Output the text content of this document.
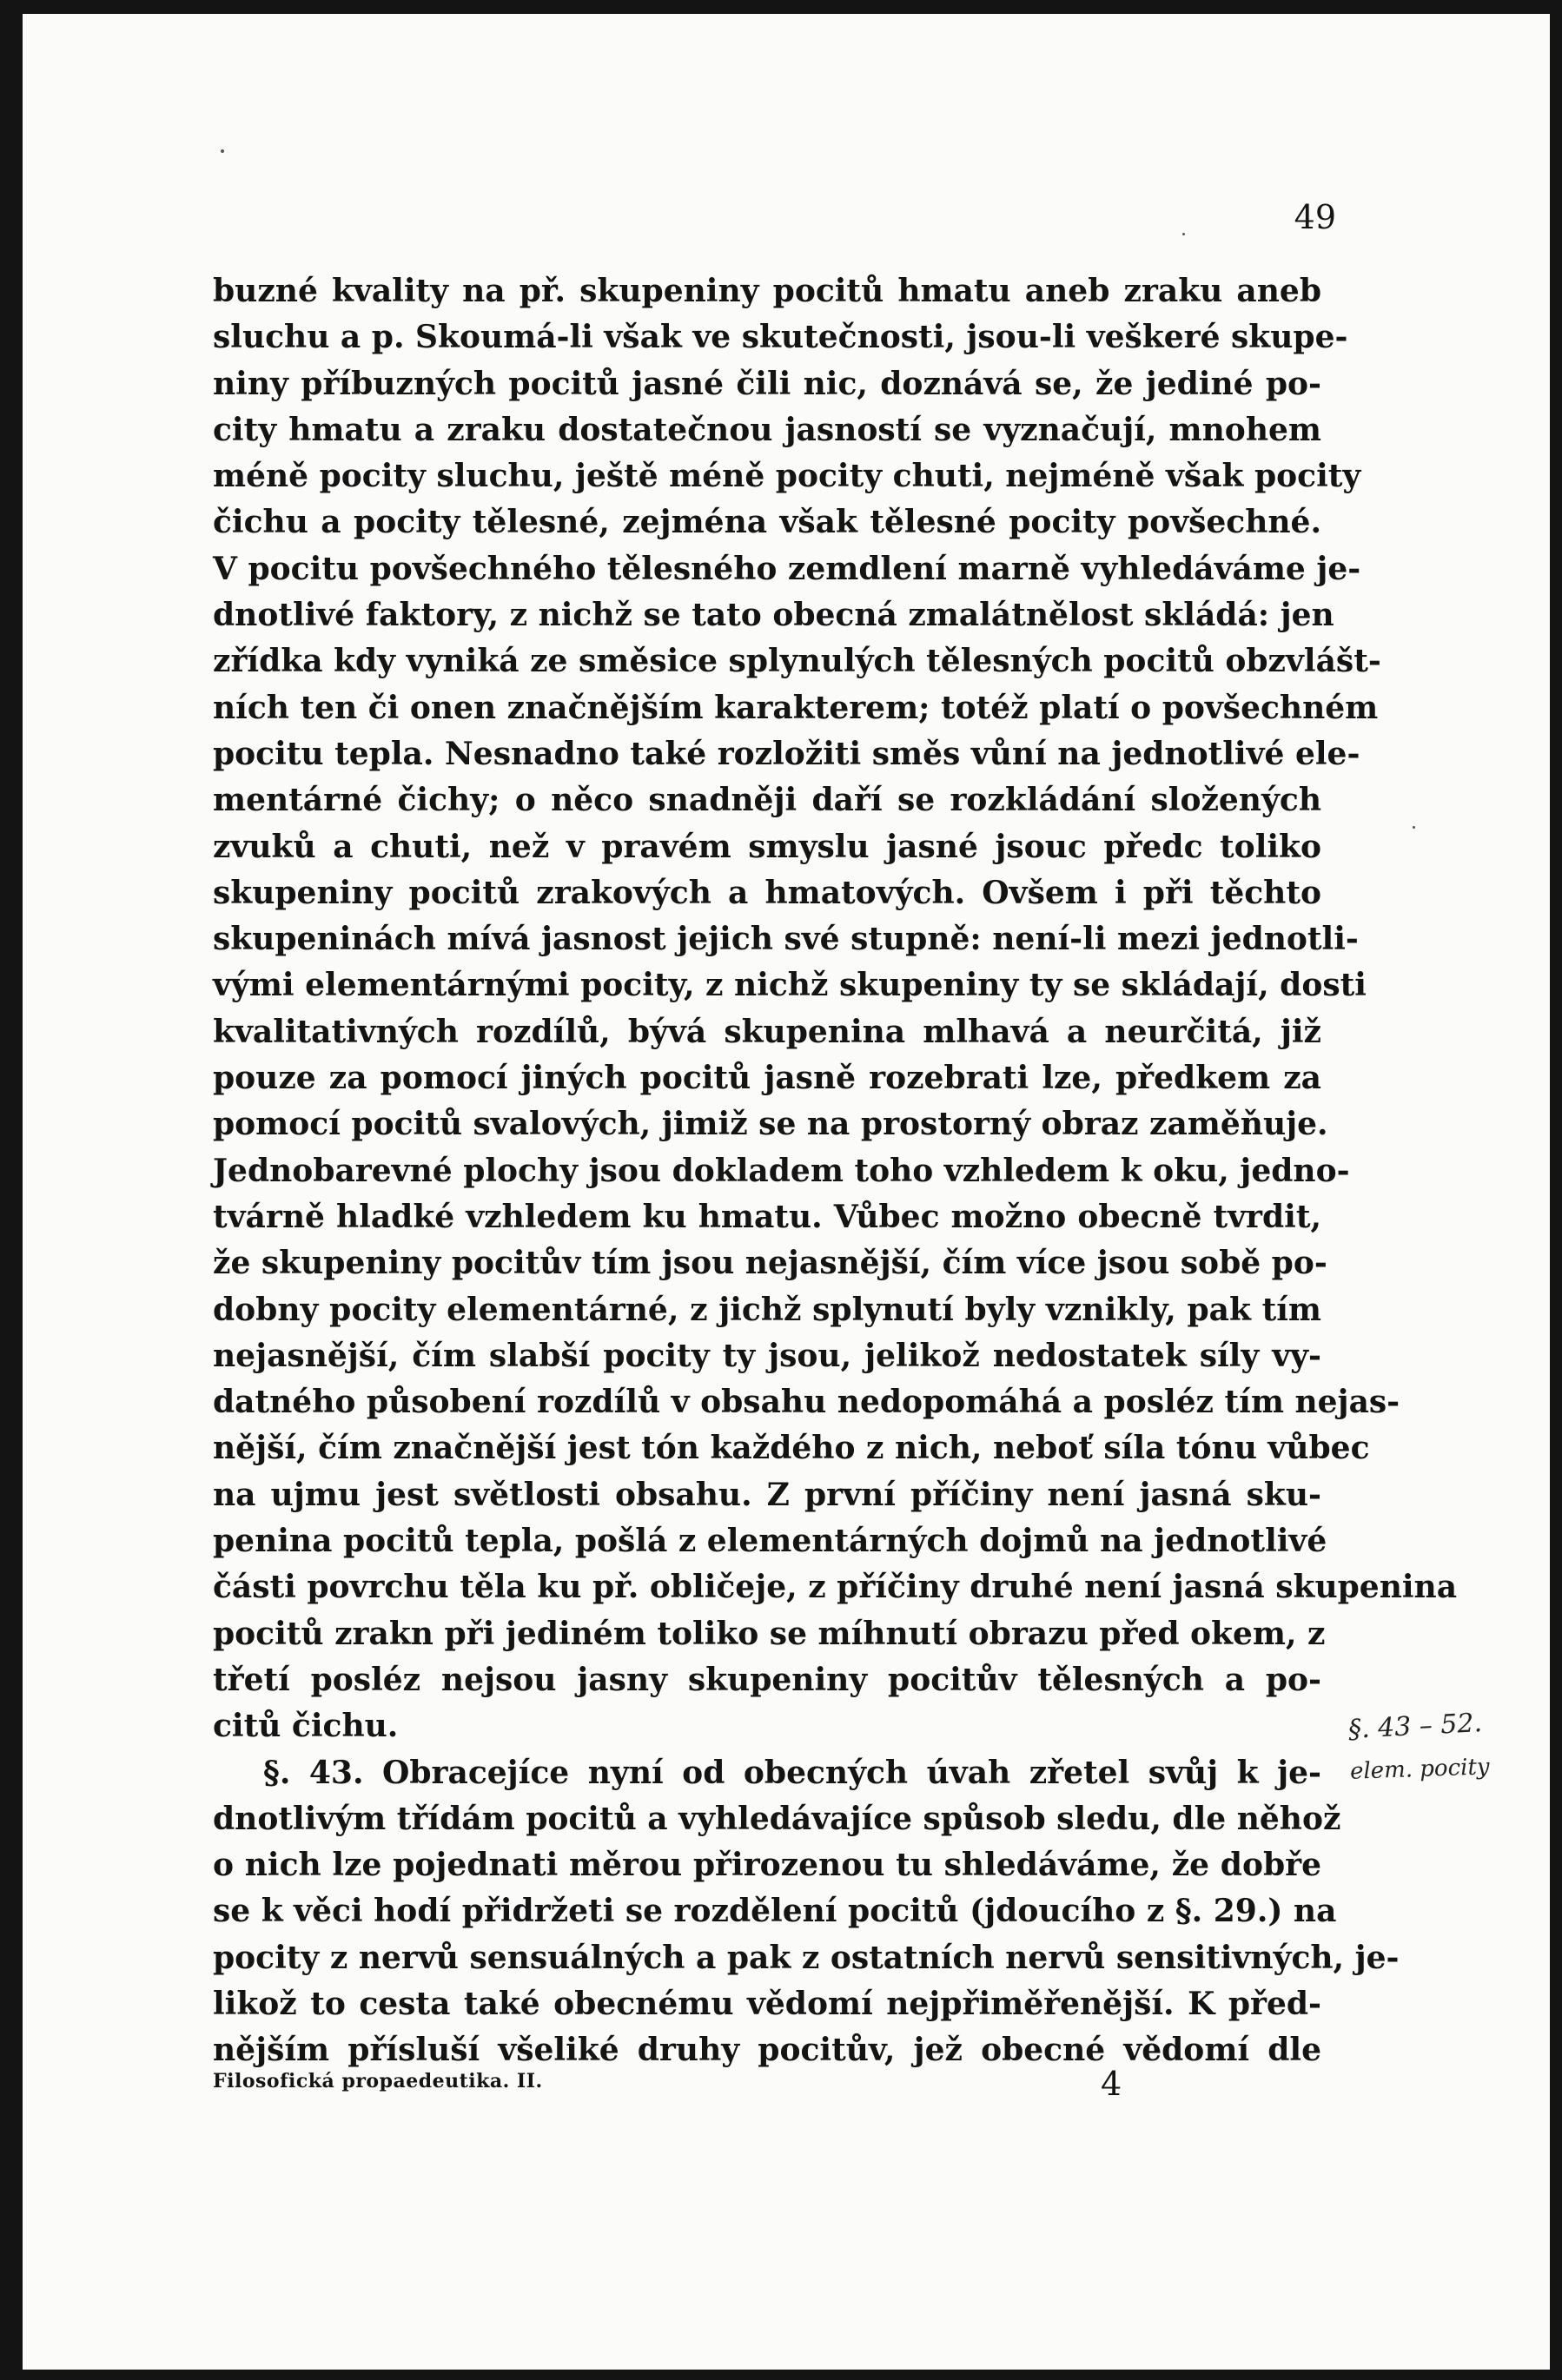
49
buzné kvality na př. skupeniny pocitů hmatu aneb zraku aneb
sluchu a p. Skoumá-li však ve skutečnosti, jsou-li veškeré skupe-
niny příbuzných pocitů jasné čili nic, doznává se, že jediné po-
city hmatu a zraku dostatečnou jasností se vyznačují, mnohem
méně pocity sluchu, ještě méně pocity chuti, nejméně však pocity
čichu a pocity tělesné, zejména však tělesné pocity povšechné.
V pocitu povšechného tělesného zemdlení marně vyhledáváme je-
dnotlivé faktory, z nichž se tato obecná zmalátnělost skládá: jen
zřídka kdy vyniká ze směsice splynulých tělesných pocitů obzvlášt-
ních ten či onen značnějším karakterem; totéž platí o povšechném
pocitu tepla. Nesnadno také rozložiti směs vůní na jednotlivé ele-
mentárné čichy; o něco snadněji daří se rozkládání složených
zvuků a chuti, než v pravém smyslu jasné jsouc předc toliko
skupeniny pocitů zrakových a hmatových. Ovšem i při těchto
skupeninách mívá jasnost jejich své stupně: není-li mezi jednotli-
vými elementárnými pocity, z nichž skupeniny ty se skládají, dosti
kvalitativných rozdílů, bývá skupenina mlhavá a neurčitá, již
pouze za pomocí jiných pocitů jasně rozebrati lze, předkem za
pomocí pocitů svalových, jimiž se na prostorný obraz zaměňuje.
Jednobarevné plochy jsou dokladem toho vzhledem k oku, jedno-
tvárně hladké vzhledem ku hmatu. Vůbec možno obecně tvrdit,
že skupeniny pocitův tím jsou nejasnější, čím více jsou sobě po-
dobny pocity elementárné, z jichž splynutí byly vznikly, pak tím
nejasnější, čím slabší pocity ty jsou, jelikož nedostatek síly vy-
datného působení rozdílů v obsahu nedopomáhá a posléz tím nejas-
nější, čím značnější jest tón každého z nich, neboť síla tónu vůbec
na ujmu jest světlosti obsahu. Z první příčiny není jasná sku-
penina pocitů tepla, pošlá z elementárných dojmů na jednotlivé
části povrchu těla ku př. obličeje, z příčiny druhé není jasná skupenina
pocitů zrakn při jediném toliko se míhnutí obrazu před okem, z
třetí posléz nejsou jasny skupeniny pocitův tělesných a po-
citů čichu.
§. 43. Obracejíce nyní od obecných úvah zřetel svůj k je-
dnotlivým třídám pocitů a vyhledávajíce spůsob sledu, dle něhož
o nich lze pojednati měrou přirozenou tu shledáváme, že dobře
se k věci hodí přidržeti se rozdělení pocitů (jdoucího z §. 29.) na
pocity z nervů sensuálných a pak z ostatních nervů sensitivných, je-
likož to cesta také obecnému vědomí nejpřiměřenější. K před-
nějším přísluší všeliké druhy pocitův, jež obecné vědomí dle
Filosofická propaedeutika. II.	4
§. 43 – 52.
elem. pocity
